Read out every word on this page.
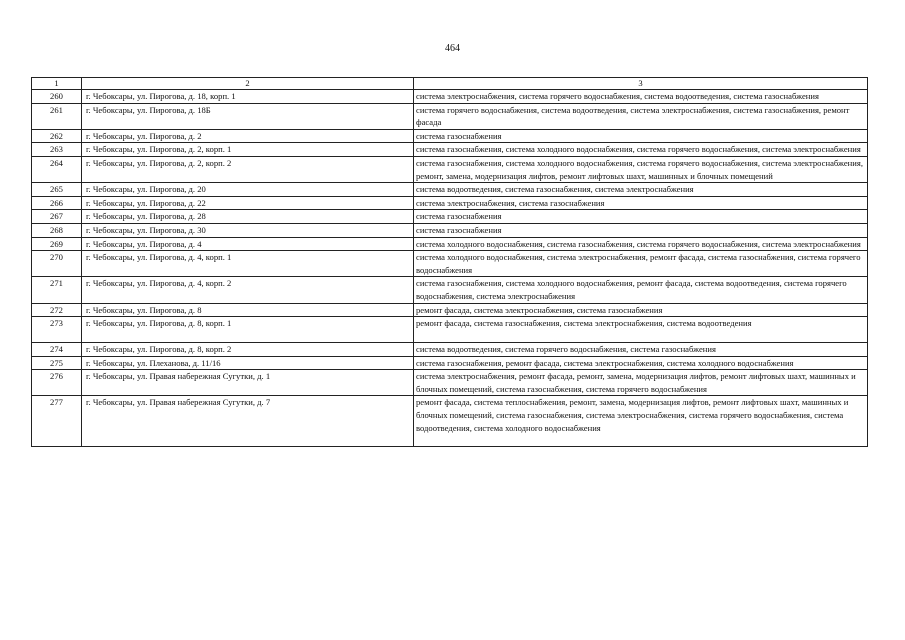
464
1	2	3
260	г. Чебоксары, ул. Пирогова, д. 18, корп. 1	система электроснабжения, система горячего водоснабжения, система водоотведения, система газоснабжения
261	г. Чебоксары, ул. Пирогова, д. 18Б	система горячего водоснабжения, система водоотведения, система электроснабжения, система газоснабжения, ремонт фасада
262	г. Чебоксары, ул. Пирогова, д. 2	система газоснабжения
263	г. Чебоксары, ул. Пирогова, д. 2, корп. 1	система газоснабжения, система холодного водоснабжения, система горячего водоснабжения, система электроснабжения
264	г. Чебоксары, ул. Пирогова, д. 2, корп. 2	система газоснабжения, система холодного водоснабжения, система горячего водоснабжения, система электроснабжения, ремонт, замена, модернизация лифтов, ремонт лифтовых шахт, машинных и блочных помещений
265	г. Чебоксары, ул. Пирогова, д. 20	система водоотведения, система газоснабжения, система электроснабжения
266	г. Чебоксары, ул. Пирогова, д. 22	система электроснабжения, система газоснабжения
267	г. Чебоксары, ул. Пирогова, д. 28	система газоснабжения
268	г. Чебоксары, ул. Пирогова, д. 30	система газоснабжения
269	г. Чебоксары, ул. Пирогова, д. 4	система холодного водоснабжения, система газоснабжения, система горячего водоснабжения, система электроснабжения
270	г. Чебоксары, ул. Пирогова, д. 4, корп. 1	система холодного водоснабжения, система электроснабжения, ремонт фасада, система газоснабжения, система горячего водоснабжения
271	г. Чебоксары, ул. Пирогова, д. 4, корп. 2	система газоснабжения, система холодного водоснабжения, ремонт фасада, система водоотведения, система горячего водоснабжения, система электроснабжения
272	г. Чебоксары, ул. Пирогова, д. 8	ремонт фасада, система электроснабжения, система газоснабжения
273	г. Чебоксары, ул. Пирогова, д. 8, корп. 1	ремонт фасада, система газоснабжения, система электроснабжения, система водоотведения
274	г. Чебоксары, ул. Пирогова, д. 8, корп. 2	система водоотведения, система горячего водоснабжения, система газоснабжения
275	г. Чебоксары, ул. Плеханова, д. 11/16	система газоснабжения, ремонт фасада, система электроснабжения, система холодного водоснабжения
276	г. Чебоксары, ул. Правая набережная Сугутки, д. 1	система электроснабжения, ремонт фасада, ремонт, замена, модернизация лифтов, ремонт лифтовых шахт, машинных и блочных помещений, система газоснабжения, система горячего водоснабжения
277	г. Чебоксары, ул. Правая набережная Сугутки, д. 7	ремонт фасада, система теплоснабжения, ремонт, замена, модернизация лифтов, ремонт лифтовых шахт, машинных и блочных помещений, система газоснабжения, система электроснабжения, система горячего водоснабжения, система водоотведения, система холодного водоснабжения
